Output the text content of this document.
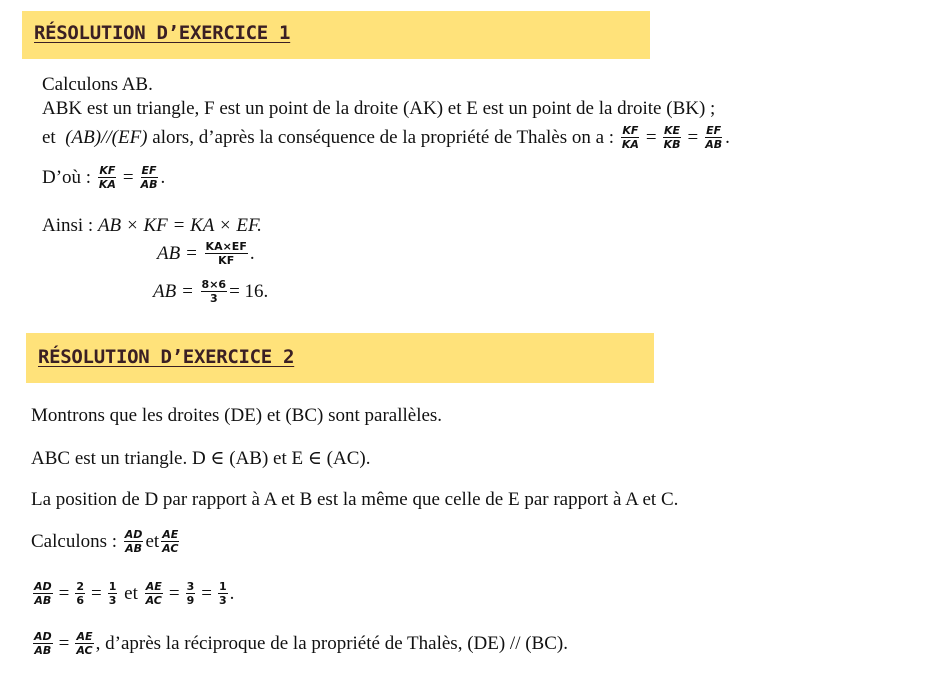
RÉSOLUTION D’EXERCICE 1
Calculons AB.
ABK est un triangle, F est un point de la droite (AK) et E est un point de la droite (BK) ;
et
(AB)//(EF)
alors, d’après la conséquence de la propriété de Thalès on a :
$\frac{KF}{KA} = \frac{KE}{KB} = \frac{EF}{AB}$ .
D’où :
$\frac{KF}{KA} = \frac{EF}{AB}$ .
Ainsi :
AB × KF = KA × EF.
AB =
$\frac{KA\times EF}{KF}$ .
AB =
$\frac{8\times 6}{3} = 16$.
RÉSOLUTION D’EXERCICE 2
Montrons que les droites (DE) et (BC) sont parallèles.
ABC est un triangle. D ∈ (AB) et E ∈ (AC).
La position de D par rapport à A et B est la même que celle de E par rapport à A et C.
Calculons :
$\frac{AD}{AB}$ et $\frac{AE}{AC}$
$\frac{AD}{AB} = \frac{2}{6} = \frac{1}{3}$
et
$\frac{AE}{AC} = \frac{3}{9} = \frac{1}{3}$ .
$\frac{AD}{AB} = \frac{AE}{AC}$ , d’après la réciproque de la propriété de Thalès, (DE) // (BC).
